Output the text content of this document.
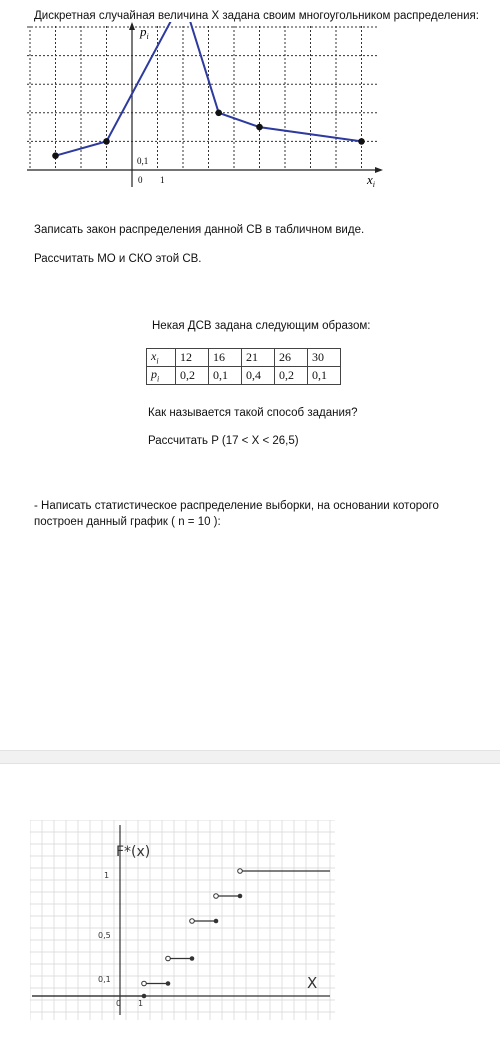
Дискретная случайная величина X задана своим многоугольником распределения:
$p_i$
$x_i$
0,1
0 1
Записать закон распределения данной СВ в табличном виде.
Рассчитать МО и СКО этой СВ.
Некая ДСВ задана следующим образом:
$x_i$	12	16	21	26	30
$p_i$	0,2	0,1	0,4	0,2	0,1
Как называется такой способ задания?
Рассчитать P (17 < X < 26,5)
- Написать статистическое распределение выборки, на основании которого построен данный график ( n = 10 ):
F*(x)
X
1
0,5
0,1
0 1
